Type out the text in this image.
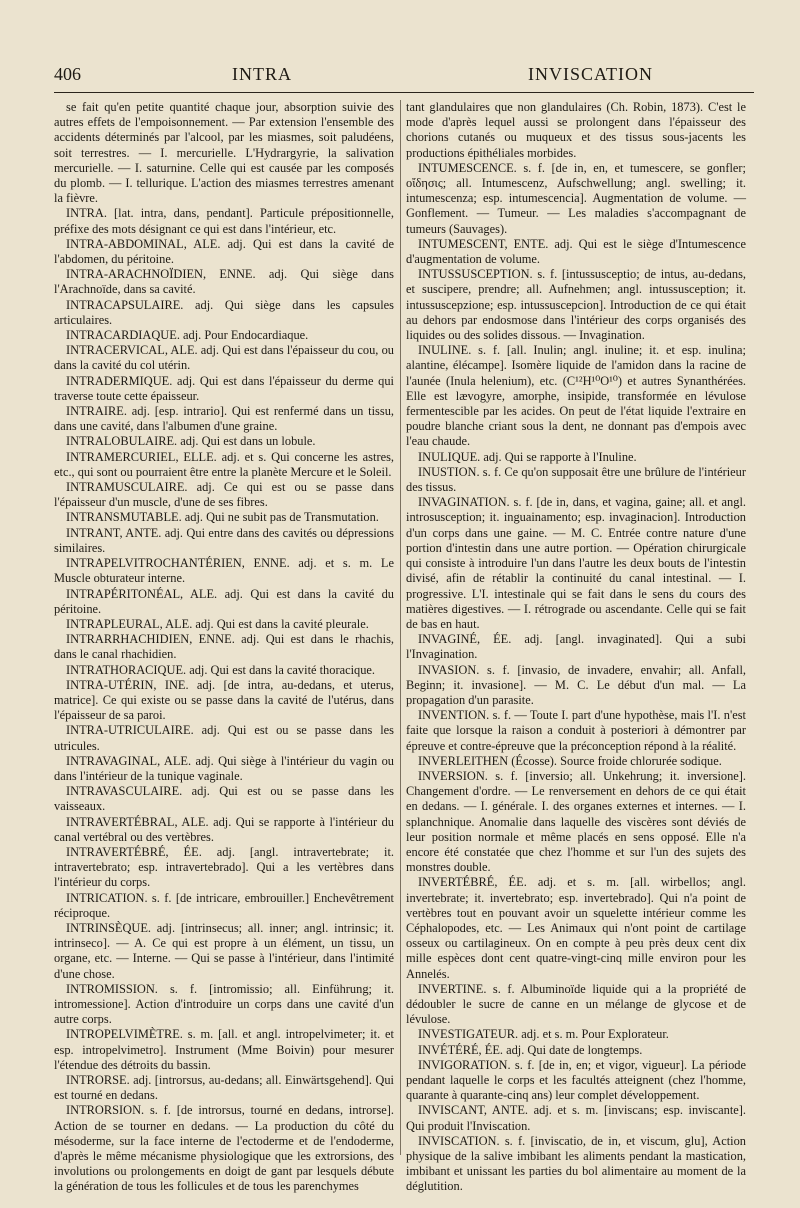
406	INTRA	INVISCATION

se fait qu'en petite quantité chaque jour, absorption suivie des autres effets de l'empoisonnement. — Par extension l'ensemble des accidents déterminés par l'alcool, par les miasmes, soit paludéens, soit terrestres. — I. mercurielle. L'Hydrargyrie, la salivation mercurielle. — I. saturnine. Celle qui est causée par les composés du plomb. — I. tellurique. L'action des miasmes terrestres amenant la fièvre.

INTRA. [lat. intra, dans, pendant]. Particule prépositionnelle, préfixe des mots désignant ce qui est dans l'intérieur, etc.

INTRA-ABDOMINAL, ALE. adj. Qui est dans la cavité de l'abdomen, du péritoine.

INTRA-ARACHNOÏDIEN, ENNE. adj. Qui siège dans l'Arachnoïde, dans sa cavité.

INTRACAPSULAIRE. adj. Qui siège dans les capsules articulaires.

INTRACARDIAQUE. adj. Pour Endocardiaque.

INTRACERVICAL, ALE. adj. Qui est dans l'épaisseur du cou, ou dans la cavité du col utérin.

INTRADERMIQUE. adj. Qui est dans l'épaisseur du derme qui traverse toute cette épaisseur.

INTRAIRE. adj. [esp. intrario]. Qui est renfermé dans un tissu, dans une cavité, dans l'albumen d'une graine.

INTRALOBULAIRE. adj. Qui est dans un lobule.

INTRAMERCURIEL, ELLE. adj. et s. Qui concerne les astres, etc., qui sont ou pourraient être entre la planète Mercure et le Soleil.

INTRAMUSCULAIRE. adj. Ce qui est ou se passe dans l'épaisseur d'un muscle, d'une de ses fibres.

INTRANSMUTABLE. adj. Qui ne subit pas de Transmutation.

INTRANT, ANTE. adj. Qui entre dans des cavités ou dépressions similaires.

INTRAPELVITROCHANTÉRIEN, ENNE. adj. et s. m. Le Muscle obturateur interne.

INTRAPÉRITONÉAL, ALE. adj. Qui est dans la cavité du péritoine.

INTRAPLEURAL, ALE. adj. Qui est dans la cavité pleurale.

INTRARRHACHIDIEN, ENNE. adj. Qui est dans le rhachis, dans le canal rhachidien.

INTRATHORACIQUE. adj. Qui est dans la cavité thoracique.

INTRA-UTÉRIN, INE. adj. [de intra, au-dedans, et uterus, matrice]. Ce qui existe ou se passe dans la cavité de l'utérus, dans l'épaisseur de sa paroi.

INTRA-UTRICULAIRE. adj. Qui est ou se passe dans les utricules.

INTRAVAGINAL, ALE. adj. Qui siège à l'intérieur du vagin ou dans l'intérieur de la tunique vaginale.

INTRAVASCULAIRE. adj. Qui est ou se passe dans les vaisseaux.

INTRAVERTÉBRAL, ALE. adj. Qui se rapporte à l'intérieur du canal vertébral ou des vertèbres.

INTRAVERTÉBRÉ, ÉE. adj. [angl. intravertebrate; it. intravertebrato; esp. intravertebrado]. Qui a les vertèbres dans l'intérieur du corps.

INTRICATION. s. f. [de intricare, embrouiller.] Enchevêtrement réciproque.

INTRINSÈQUE. adj. [intrinsecus; all. inner; angl. intrinsic; it. intrinseco]. — A. Ce qui est propre à un élément, un tissu, un organe, etc. — Interne. — Qui se passe à l'intérieur, dans l'intimité d'une chose.

INTROMISSION. s. f. [intromissio; all. Einführung; it. intromessione]. Action d'introduire un corps dans une cavité d'un autre corps.

INTROPELVIMÈTRE. s. m. [all. et angl. intropelvimeter; it. et esp. intropelvimetro]. Instrument (Mme Boivin) pour mesurer l'étendue des détroits du bassin.

INTRORSE. adj. [introrsus, au-dedans; all. Einwärtsgehend]. Qui est tourné en dedans.

INTRORSION. s. f. [de introrsus, tourné en dedans, introrse]. Action de se tourner en dedans. — La production du côté du mésoderme, sur la face interne de l'ectoderme et de l'endoderme, d'après le même mécanisme physiologique que les extrorsions, des involutions ou prolongements en doigt de gant par lesquels débute la génération de tous les follicules et de tous les parenchymes

tant glandulaires que non glandulaires (Ch. Robin, 1873). C'est le mode d'après lequel aussi se prolongent dans l'épaisseur des chorions cutanés ou muqueux et des tissus sous-jacents les productions épithéliales morbides.

INTUMESCENCE. s. f. [de in, en, et tumescere, se gonfler; οἴδησις; all. Intumescenz, Aufschwellung; angl. swelling; it. intumescenza; esp. intumescencia]. Augmentation de volume. — Gonflement. — Tumeur. — Les maladies s'accompagnant de tumeurs (Sauvages).

INTUMESCENT, ENTE. adj. Qui est le siège d'Intumescence d'augmentation de volume.

INTUSSUSCEPTION. s. f. [intussusceptio; de intus, au-dedans, et suscipere, prendre; all. Aufnehmen; angl. intussusception; it. intussuscepzione; esp. intussuscepcion]. Introduction de ce qui était au dehors par endosmose dans l'intérieur des corps organisés des liquides ou des solides dissous. — Invagination.

INULINE. s. f. [all. Inulin; angl. inuline; it. et esp. inulina; alantine, élécampe]. Isomère liquide de l'amidon dans la racine de l'aunée (Inula helenium), etc. (C¹²H¹⁰O¹⁰) et autres Synanthérées. Elle est lævogyre, amorphe, insipide, transformée en lévulose fermentescible par les acides. On peut de l'état liquide l'extraire en poudre blanche criant sous la dent, ne donnant pas d'empois avec l'eau chaude.

INULIQUE. adj. Qui se rapporte à l'Inuline.

INUSTION. s. f. Ce qu'on supposait être une brûlure de l'intérieur des tissus.

INVAGINATION. s. f. [de in, dans, et vagina, gaine; all. et angl. introsusception; it. inguainamento; esp. invaginacion]. Introduction d'un corps dans une gaine. — M. C. Entrée contre nature d'une portion d'intestin dans une autre portion. — Opération chirurgicale qui consiste à introduire l'un dans l'autre les deux bouts de l'intestin divisé, afin de rétablir la continuité du canal intestinal. — I. progressive. L'I. intestinale qui se fait dans le sens du cours des matières digestives. — I. rétrograde ou ascendante. Celle qui se fait de bas en haut.

INVAGINÉ, ÉE. adj. [angl. invaginated]. Qui a subi l'Invagination.

INVASION. s. f. [invasio, de invadere, envahir; all. Anfall, Beginn; it. invasione]. — M. C. Le début d'un mal. — La propagation d'un parasite.

INVENTION. s. f. — Toute I. part d'une hypothèse, mais l'I. n'est faite que lorsque la raison a conduit à posteriori à démontrer par épreuve et contre-épreuve que la préconception répond à la réalité.

INVERLEITHEN (Écosse). Source froide chlorurée sodique.

INVERSION. s. f. [inversio; all. Unkehrung; it. inversione]. Changement d'ordre. — Le renversement en dehors de ce qui était en dedans. — I. générale. I. des organes externes et internes. — I. splanchnique. Anomalie dans laquelle des viscères sont déviés de leur position normale et même placés en sens opposé. Elle n'a encore été constatée que chez l'homme et sur l'un des sujets des monstres double.

INVERTÉBRÉ, ÉE. adj. et s. m. [all. wirbellos; angl. invertebrate; it. invertebrato; esp. invertebrado]. Qui n'a point de vertèbres tout en pouvant avoir un squelette intérieur comme les Céphalopodes, etc. — Les Animaux qui n'ont point de cartilage osseux ou cartilagineux. On en compte à peu près deux cent dix mille espèces dont cent quatre-vingt-cinq mille environ pour les Annelés.

INVERTINE. s. f. Albuminoïde liquide qui a la propriété de dédoubler le sucre de canne en un mélange de glycose et de lévulose.

INVESTIGATEUR. adj. et s. m. Pour Explorateur.

INVÉTÉRÉ, ÉE. adj. Qui date de longtemps.

INVIGORATION. s. f. [de in, en; et vigor, vigueur]. La période pendant laquelle le corps et les facultés atteignent (chez l'homme, quarante à quarante-cinq ans) leur complet développement.

INVISCANT, ANTE. adj. et s. m. [inviscans; esp. inviscante]. Qui produit l'Inviscation.

INVISCATION. s. f. [inviscatio, de in, et viscum, glu], Action physique de la salive imbibant les aliments pendant la mastication, imbibant et unissant les parties du bol alimentaire au moment de la déglutition.
